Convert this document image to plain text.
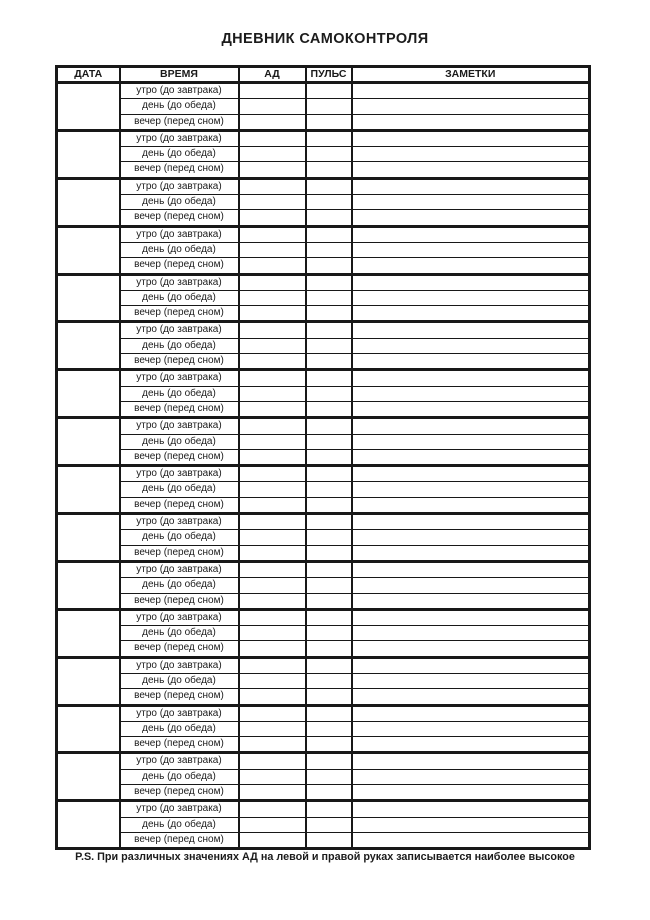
ДНЕВНИК САМОКОНТРОЛЯ
ДАТА	ВРЕМЯ	АД	ПУЛЬС	ЗАМЕТКИ
	утро (до завтрака)			
	день (до обеда)			
	вечер (перед сном)			
	утро (до завтрака)			
	день (до обеда)			
	вечер (перед сном)			
	утро (до завтрака)			
	день (до обеда)			
	вечер (перед сном)			
	утро (до завтрака)			
	день (до обеда)			
	вечер (перед сном)			
	утро (до завтрака)			
	день (до обеда)			
	вечер (перед сном)			
	утро (до завтрака)			
	день (до обеда)			
	вечер (перед сном)			
	утро (до завтрака)			
	день (до обеда)			
	вечер (перед сном)			
	утро (до завтрака)			
	день (до обеда)			
	вечер (перед сном)			
	утро (до завтрака)			
	день (до обеда)			
	вечер (перед сном)			
	утро (до завтрака)			
	день (до обеда)			
	вечер (перед сном)			
	утро (до завтрака)			
	день (до обеда)			
	вечер (перед сном)			
	утро (до завтрака)			
	день (до обеда)			
	вечер (перед сном)			
	утро (до завтрака)			
	день (до обеда)			
	вечер (перед сном)			
	утро (до завтрака)			
	день (до обеда)			
	вечер (перед сном)			
	утро (до завтрака)			
	день (до обеда)			
	вечер (перед сном)			
	утро (до завтрака)			
	день (до обеда)			
	вечер (перед сном)			
P.S. При различных значениях АД на левой и правой руках записывается наиболее высокое
